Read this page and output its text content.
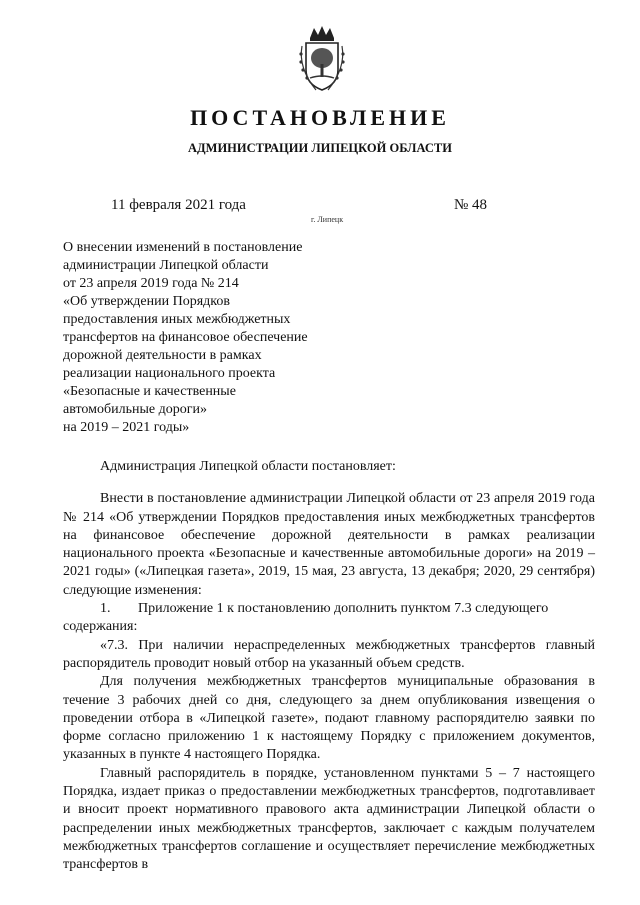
ПОСТАНОВЛЕНИЕ
АДМИНИСТРАЦИИ ЛИПЕЦКОЙ ОБЛАСТИ
11 февраля 2021 года
г. Липецк
№ 48
О внесении изменений в постановление
администрации Липецкой области
от 23 апреля 2019 года № 214
«Об утверждении Порядков
предоставления иных межбюджетных
трансфертов на финансовое обеспечение
дорожной деятельности в рамках
реализации национального проекта
«Безопасные и качественные
автомобильные дороги»
на 2019 – 2021 годы»

Администрация Липецкой области постановляет:

Внести в постановление администрации Липецкой области от 23 апреля 2019 года № 214 «Об утверждении Порядков предоставления иных межбюджетных трансфертов на финансовое обеспечение дорожной деятельности в рамках реализации национального проекта «Безопасные и качественные автомобильные дороги» на 2019 – 2021 годы» («Липецкая газета», 2019, 15 мая, 23 августа, 13 декабря; 2020, 29 сентября) следующие изменения:

1.	Приложение 1 к постановлению дополнить пунктом 7.3 следующего

содержания:

«7.3. При наличии нераспределенных межбюджетных трансфертов главный распорядитель проводит новый отбор на указанный объем средств.

Для получения межбюджетных трансфертов муниципальные образования в течение 3 рабочих дней со дня, следующего за днем опубликования извещения о проведении отбора в «Липецкой газете», подают главному распорядителю заявки по форме согласно приложению 1 к настоящему Порядку с приложением документов, указанных в пункте 4 настоящего Порядка.

Главный распорядитель в порядке, установленном пунктами 5 – 7 настоящего Порядка, издает приказ о предоставлении межбюджетных трансфертов, подготавливает и вносит проект нормативного правового акта администрации Липецкой области о распределении иных межбюджетных трансфертов, заключает с каждым получателем межбюджетных трансфертов соглашение и осуществляет перечисление межбюджетных трансфертов в
